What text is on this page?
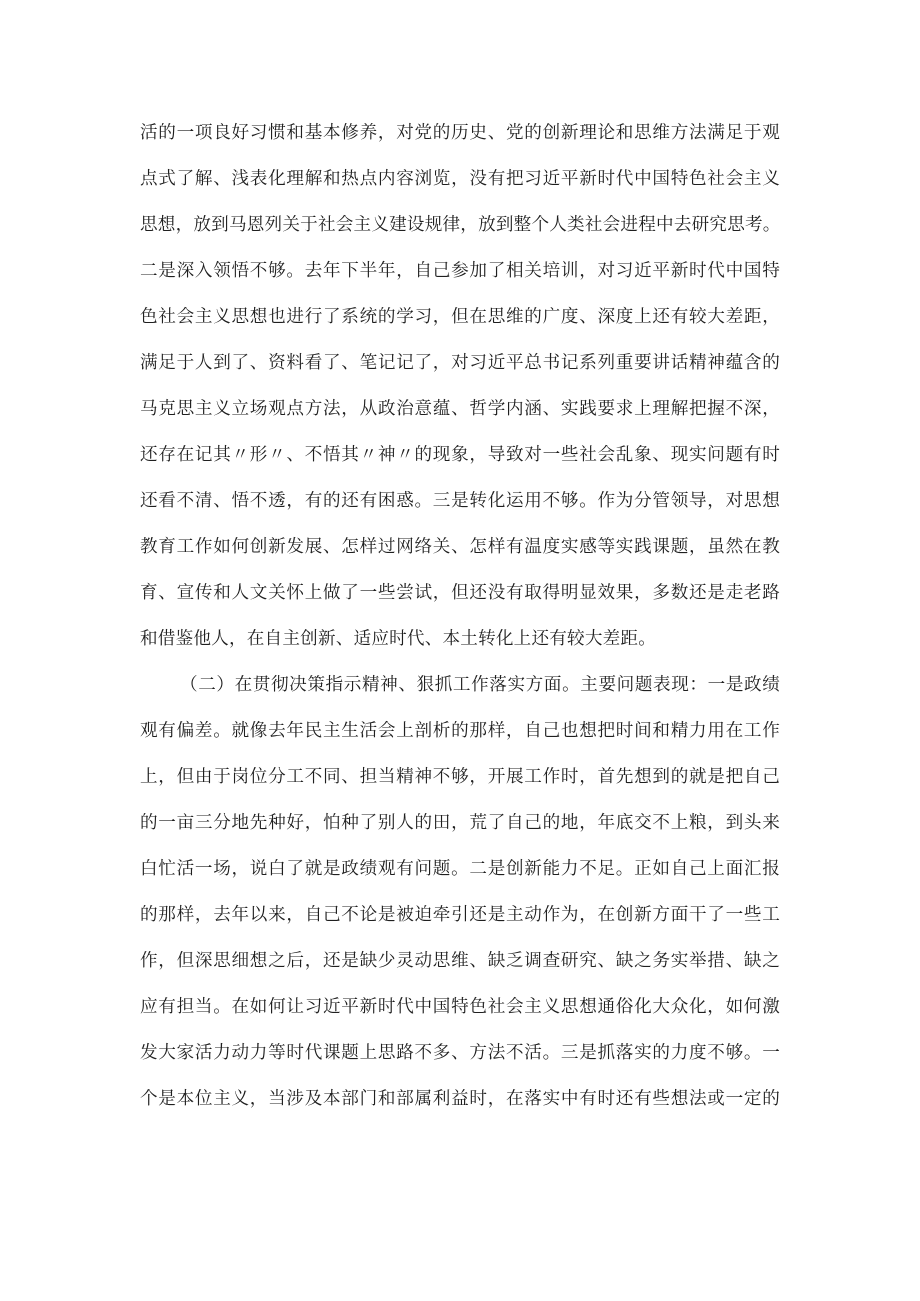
活的一项良好习惯和基本修养，对党的历史、党的创新理论和思维方法满足于观
点式了解、浅表化理解和热点内容浏览，没有把习近平新时代中国特色社会主义
思想，放到马恩列关于社会主义建设规律，放到整个人类社会进程中去研究思考。
二是深入领悟不够。去年下半年，自己参加了相关培训，对习近平新时代中国特
色社会主义思想也进行了系统的学习，但在思维的广度、深度上还有较大差距，
满足于人到了、资料看了、笔记记了，对习近平总书记系列重要讲话精神蕴含的
马克思主义立场观点方法，从政治意蕴、哲学内涵、实践要求上理解把握不深，
还存在记其〃形〃、不悟其〃神〃的现象，导致对一些社会乱象、现实问题有时
还看不清、悟不透，有的还有困惑。三是转化运用不够。作为分管领导，对思想
教育工作如何创新发展、怎样过网络关、怎样有温度实感等实践课题，虽然在教
育、宣传和人文关怀上做了一些尝试，但还没有取得明显效果，多数还是走老路
和借鉴他人，在自主创新、适应时代、本土转化上还有较大差距。
（二）在贯彻决策指示精神、狠抓工作落实方面。主要问题表现：一是政绩
观有偏差。就像去年民主生活会上剖析的那样，自己也想把时间和精力用在工作
上，但由于岗位分工不同、担当精神不够，开展工作时，首先想到的就是把自己
的一亩三分地先种好，怕种了别人的田，荒了自己的地，年底交不上粮，到头来
白忙活一场，说白了就是政绩观有问题。二是创新能力不足。正如自己上面汇报
的那样，去年以来，自己不论是被迫牵引还是主动作为，在创新方面干了一些工
作，但深思细想之后，还是缺少灵动思维、缺乏调查研究、缺之务实举措、缺之
应有担当。在如何让习近平新时代中国特色社会主义思想通俗化大众化，如何激
发大家活力动力等时代课题上思路不多、方法不活。三是抓落实的力度不够。一
个是本位主义，当涉及本部门和部属利益时，在落实中有时还有些想法或一定的
